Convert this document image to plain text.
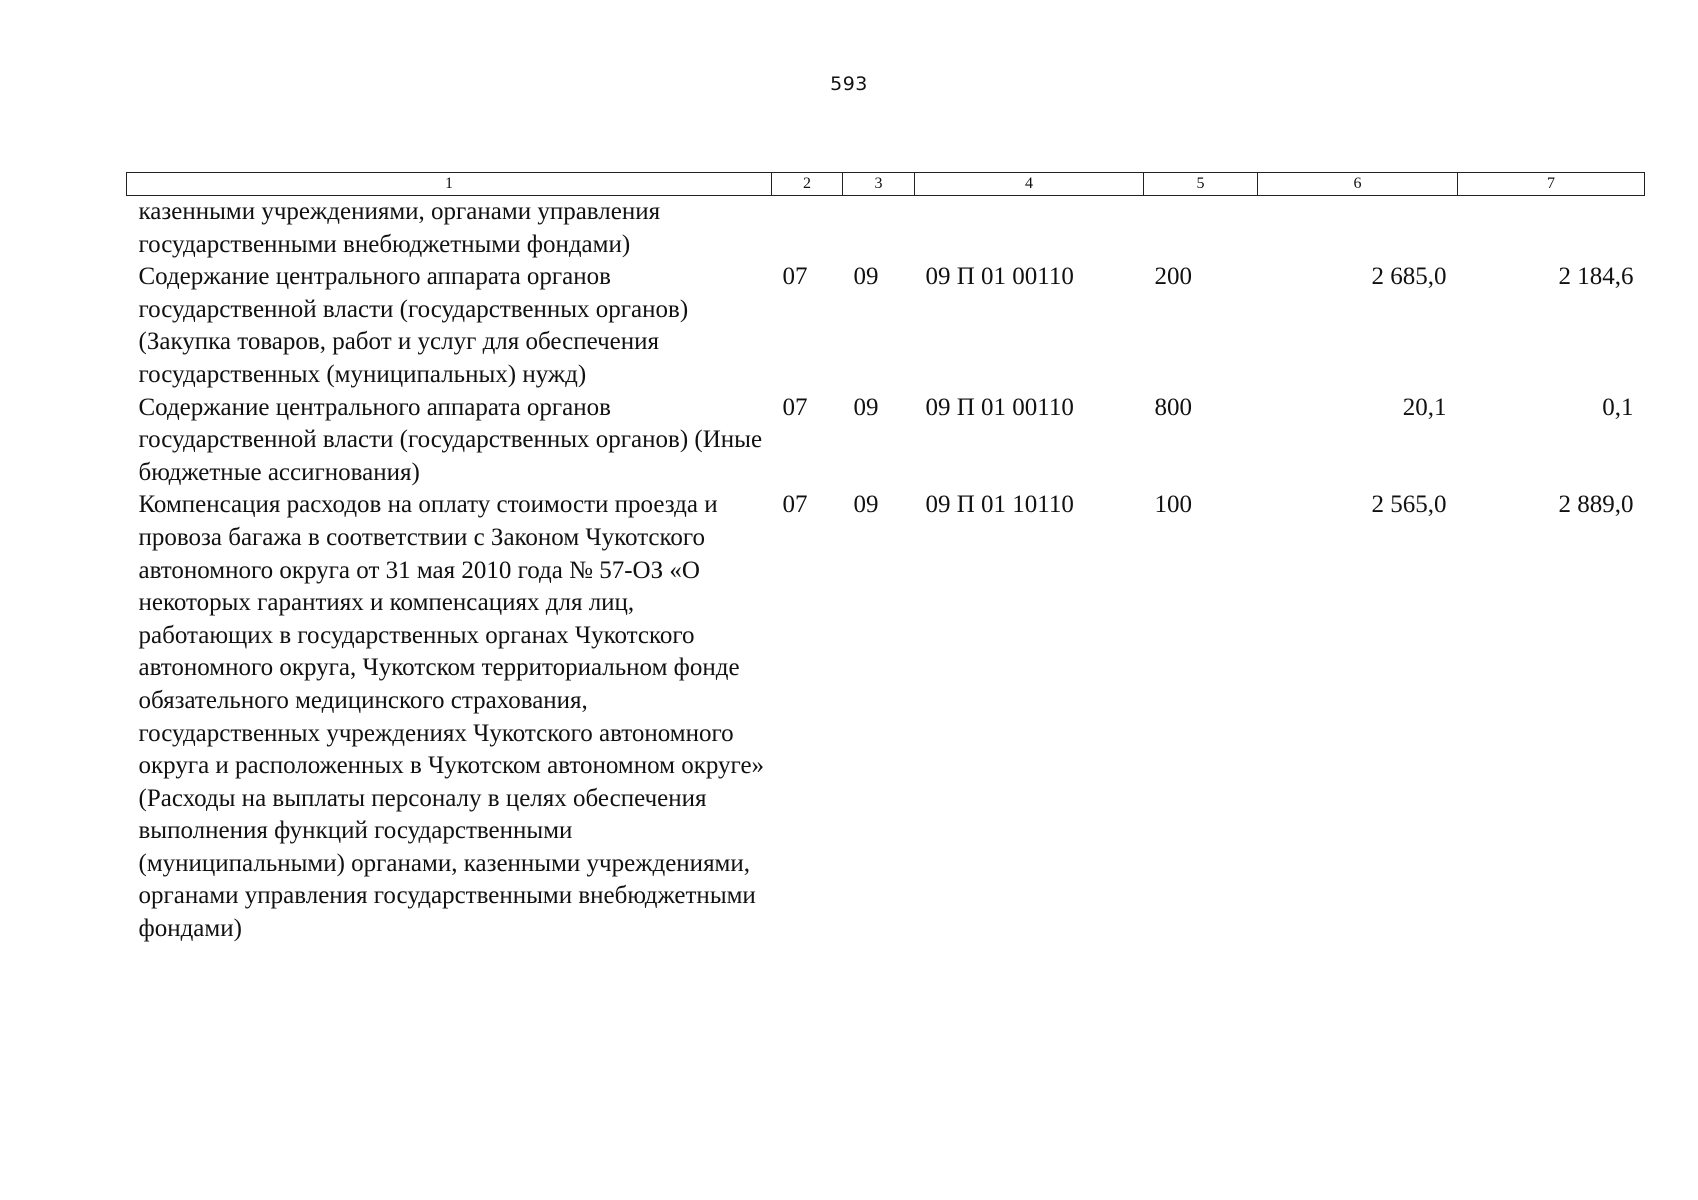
593
1	2	3	4	5	6	7
казенными учреждениями, органами управления государственными внебюджетными фондами)						
Содержание центрального аппарата органов государственной власти (государственных органов) (Закупка товаров, работ и услуг для обеспечения государственных (муниципальных) нужд)	07	09	09 П 01 00110	200	2 685,0	2 184,6
Содержание центрального аппарата органов государственной власти (государственных органов) (Иные бюджетные ассигнования)	07	09	09 П 01 00110	800	20,1	0,1
Компенсация расходов на оплату стоимости проезда и провоза багажа в соответствии с Законом Чукотского автономного округа от 31 мая 2010 года № 57-ОЗ «О некоторых гарантиях и компенсациях для лиц, работающих в государственных органах Чукотского автономного округа, Чукотском территориальном фонде обязательного медицинского страхования, государственных учреждениях Чукотского автономного округа и расположенных в Чукотском автономном округе» (Расходы на выплаты персоналу в целях обеспечения выполнения функций государственными (муниципальными) органами, казенными учреждениями, органами управления государственными внебюджетными фондами)	07	09	09 П 01 10110	100	2 565,0	2 889,0
